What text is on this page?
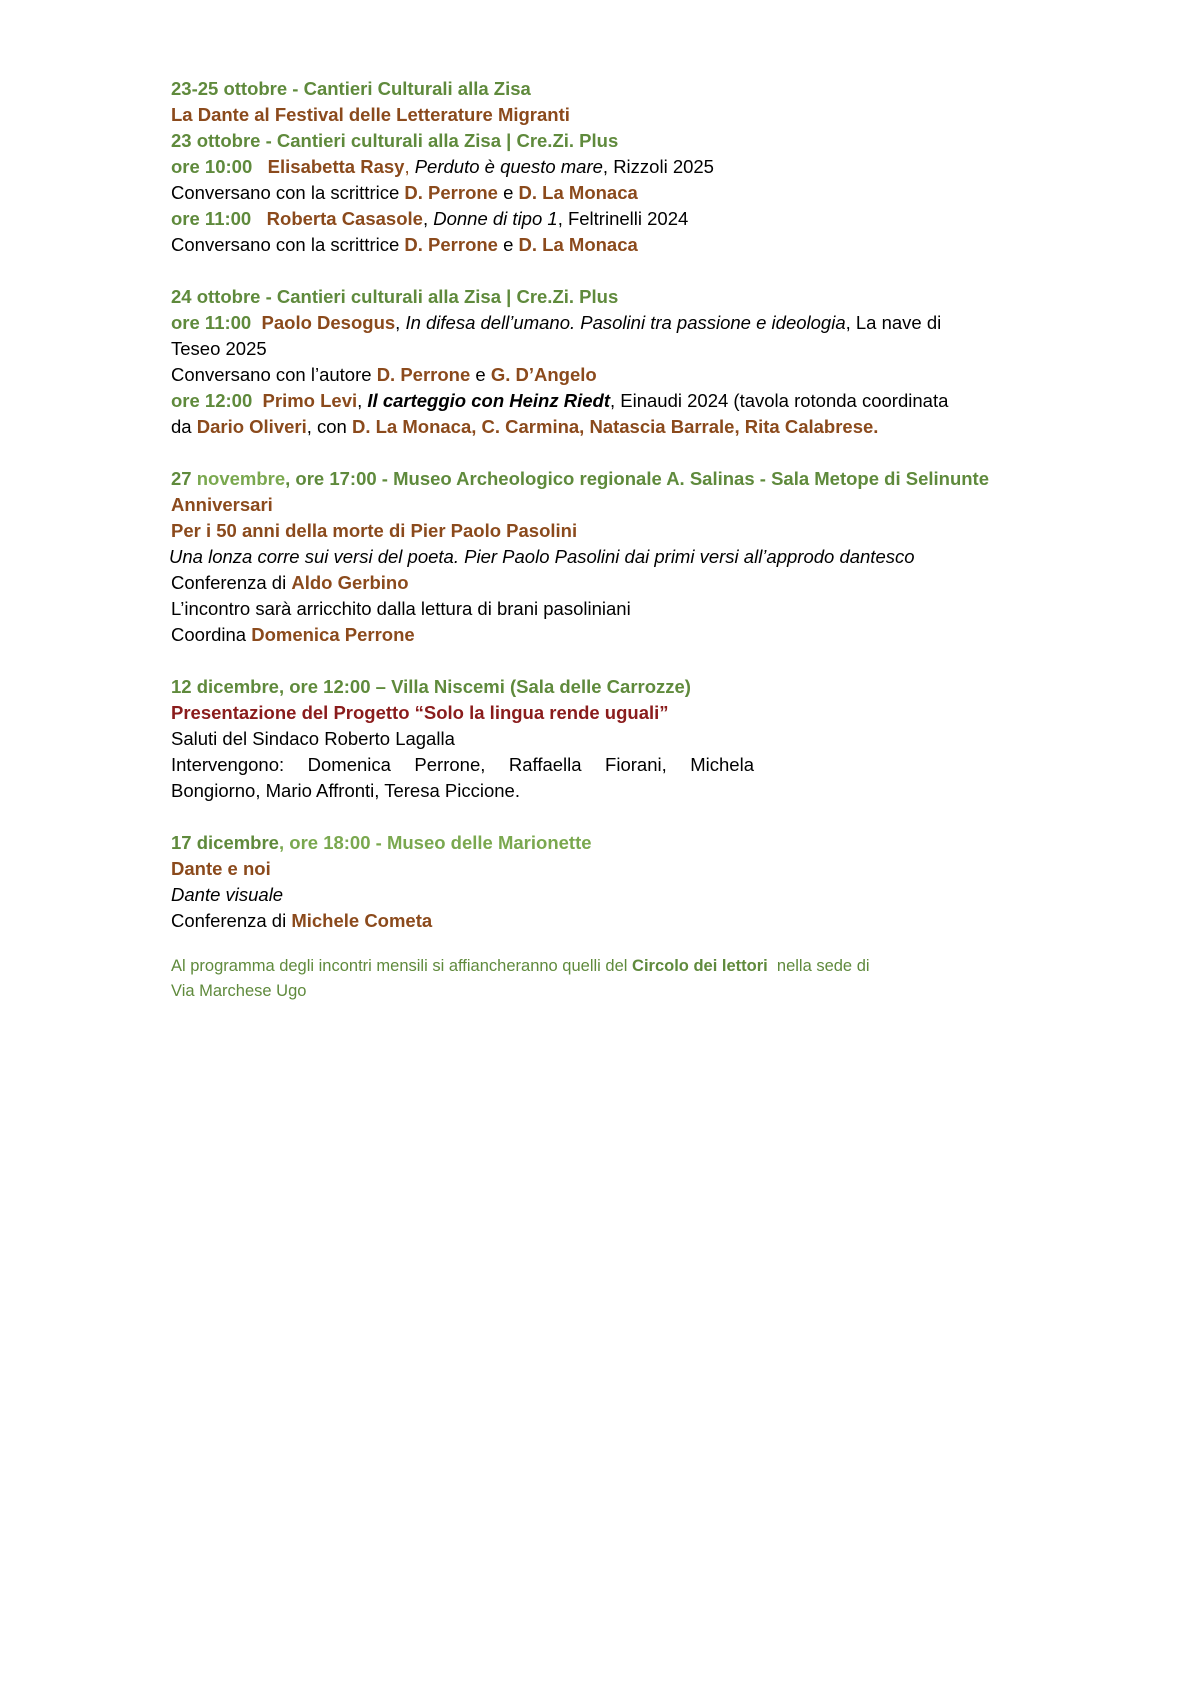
23-25 ottobre - Cantieri Culturali alla Zisa
La Dante al Festival delle Letterature Migranti
23 ottobre - Cantieri culturali alla Zisa | Cre.Zi. Plus
ore 10:00 Elisabetta Rasy, Perduto è questo mare, Rizzoli 2025
Conversano con la scrittrice D. Perrone e D. La Monaca
ore 11:00 Roberta Casasole, Donne di tipo 1, Feltrinelli 2024
Conversano con la scrittrice D. Perrone e D. La Monaca
24 ottobre - Cantieri culturali alla Zisa | Cre.Zi. Plus
ore 11:00 Paolo Desogus, In difesa dell’umano. Pasolini tra passione e ideologia, La nave di
Teseo 2025
Conversano con l’autore D. Perrone e G. D’Angelo
ore 12:00 Primo Levi, Il carteggio con Heinz Riedt, Einaudi 2024 (tavola rotonda coordinata
da Dario Oliveri, con D. La Monaca, C. Carmina, Natascia Barrale, Rita Calabrese.
27 novembre, ore 17:00 - Museo Archeologico regionale A. Salinas - Sala Metope di Selinunte
Anniversari
Per i 50 anni della morte di Pier Paolo Pasolini
Una lonza corre sui versi del poeta. Pier Paolo Pasolini dai primi versi all’approdo dantesco
Conferenza di Aldo Gerbino
L’incontro sarà arricchito dalla lettura di brani pasoliniani
Coordina Domenica Perrone
12 dicembre, ore 12:00 – Villa Niscemi (Sala delle Carrozze)
Presentazione del Progetto “Solo la lingua rende uguali”
Saluti del Sindaco Roberto Lagalla
Intervengono: Domenica Perrone, Raffaella Fiorani, Michela
Bongiorno, Mario Affronti, Teresa Piccione.
17 dicembre, ore 18:00 - Museo delle Marionette
Dante e noi
Dante visuale
Conferenza di Michele Cometa
Al programma degli incontri mensili si affiancheranno quelli del Circolo dei lettori  nella sede di
Via Marchese Ugo
